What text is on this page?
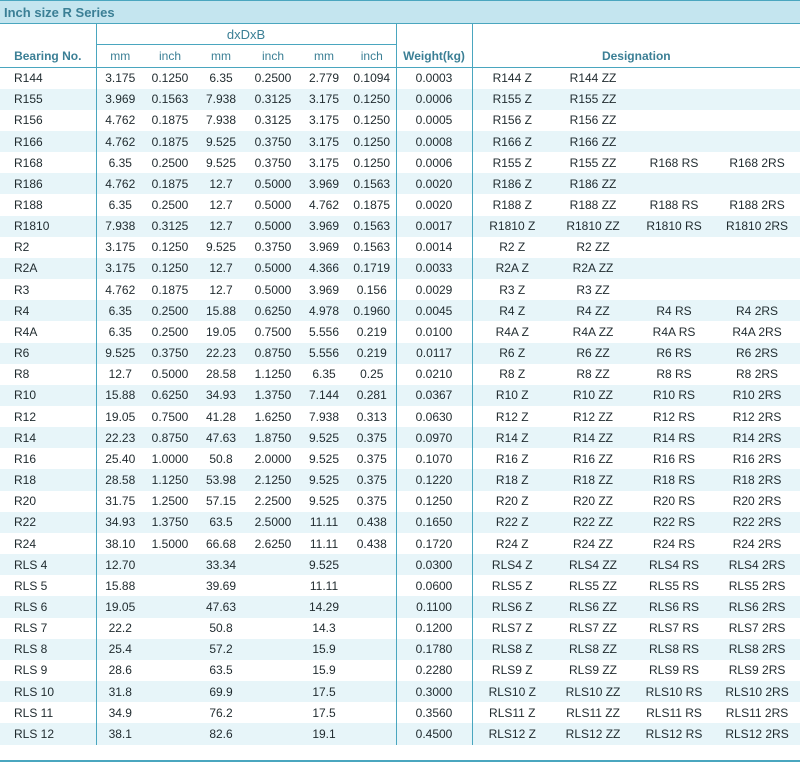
Inch size R Series
Bearing No.	dxDxB						Weight(kg)	Designation			
	mm	inch	mm	inch	mm	inch					
R144	3.175	0.1250	6.35	0.2500	2.779	0.1094	0.0003	R144 Z	R144 ZZ		
R155	3.969	0.1563	7.938	0.3125	3.175	0.1250	0.0006	R155 Z	R155 ZZ		
R156	4.762	0.1875	7.938	0.3125	3.175	0.1250	0.0005	R156 Z	R156 ZZ		
R166	4.762	0.1875	9.525	0.3750	3.175	0.1250	0.0008	R166 Z	R166 ZZ		
R168	6.35	0.2500	9.525	0.3750	3.175	0.1250	0.0006	R155 Z	R155 ZZ	R168 RS	R168 2RS
R186	4.762	0.1875	12.7	0.5000	3.969	0.1563	0.0020	R186 Z	R186 ZZ		
R188	6.35	0.2500	12.7	0.5000	4.762	0.1875	0.0020	R188 Z	R188 ZZ	R188 RS	R188 2RS
R1810	7.938	0.3125	12.7	0.5000	3.969	0.1563	0.0017	R1810 Z	R1810 ZZ	R1810 RS	R1810 2RS
R2	3.175	0.1250	9.525	0.3750	3.969	0.1563	0.0014	R2 Z	R2 ZZ		
R2A	3.175	0.1250	12.7	0.5000	4.366	0.1719	0.0033	R2A Z	R2A ZZ		
R3	4.762	0.1875	12.7	0.5000	3.969	0.156	0.0029	R3 Z	R3 ZZ		
R4	6.35	0.2500	15.88	0.6250	4.978	0.1960	0.0045	R4 Z	R4 ZZ	R4 RS	R4 2RS
R4A	6.35	0.2500	19.05	0.7500	5.556	0.219	0.0100	R4A Z	R4A ZZ	R4A RS	R4A 2RS
R6	9.525	0.3750	22.23	0.8750	5.556	0.219	0.0117	R6 Z	R6 ZZ	R6 RS	R6 2RS
R8	12.7	0.5000	28.58	1.1250	6.35	0.25	0.0210	R8 Z	R8 ZZ	R8 RS	R8 2RS
R10	15.88	0.6250	34.93	1.3750	7.144	0.281	0.0367	R10 Z	R10 ZZ	R10 RS	R10 2RS
R12	19.05	0.7500	41.28	1.6250	7.938	0.313	0.0630	R12 Z	R12 ZZ	R12 RS	R12 2RS
R14	22.23	0.8750	47.63	1.8750	9.525	0.375	0.0970	R14 Z	R14 ZZ	R14 RS	R14 2RS
R16	25.40	1.0000	50.8	2.0000	9.525	0.375	0.1070	R16 Z	R16 ZZ	R16 RS	R16 2RS
R18	28.58	1.1250	53.98	2.1250	9.525	0.375	0.1220	R18 Z	R18 ZZ	R18 RS	R18 2RS
R20	31.75	1.2500	57.15	2.2500	9.525	0.375	0.1250	R20 Z	R20 ZZ	R20 RS	R20 2RS
R22	34.93	1.3750	63.5	2.5000	11.11	0.438	0.1650	R22 Z	R22 ZZ	R22 RS	R22 2RS
R24	38.10	1.5000	66.68	2.6250	11.11	0.438	0.1720	R24 Z	R24 ZZ	R24 RS	R24 2RS
RLS 4	12.70		33.34		9.525		0.0300	RLS4 Z	RLS4 ZZ	RLS4 RS	RLS4 2RS
RLS 5	15.88		39.69		11.11		0.0600	RLS5 Z	RLS5 ZZ	RLS5 RS	RLS5 2RS
RLS 6	19.05		47.63		14.29		0.1100	RLS6 Z	RLS6 ZZ	RLS6 RS	RLS6 2RS
RLS 7	22.2		50.8		14.3		0.1200	RLS7 Z	RLS7 ZZ	RLS7 RS	RLS7 2RS
RLS 8	25.4		57.2		15.9		0.1780	RLS8 Z	RLS8 ZZ	RLS8 RS	RLS8 2RS
RLS 9	28.6		63.5		15.9		0.2280	RLS9 Z	RLS9 ZZ	RLS9 RS	RLS9 2RS
RLS 10	31.8		69.9		17.5		0.3000	RLS10 Z	RLS10 ZZ	RLS10 RS	RLS10 2RS
RLS 11	34.9		76.2		17.5		0.3560	RLS11 Z	RLS11 ZZ	RLS11 RS	RLS11 2RS
RLS 12	38.1		82.6		19.1		0.4500	RLS12 Z	RLS12 ZZ	RLS12 RS	RLS12 2RS
